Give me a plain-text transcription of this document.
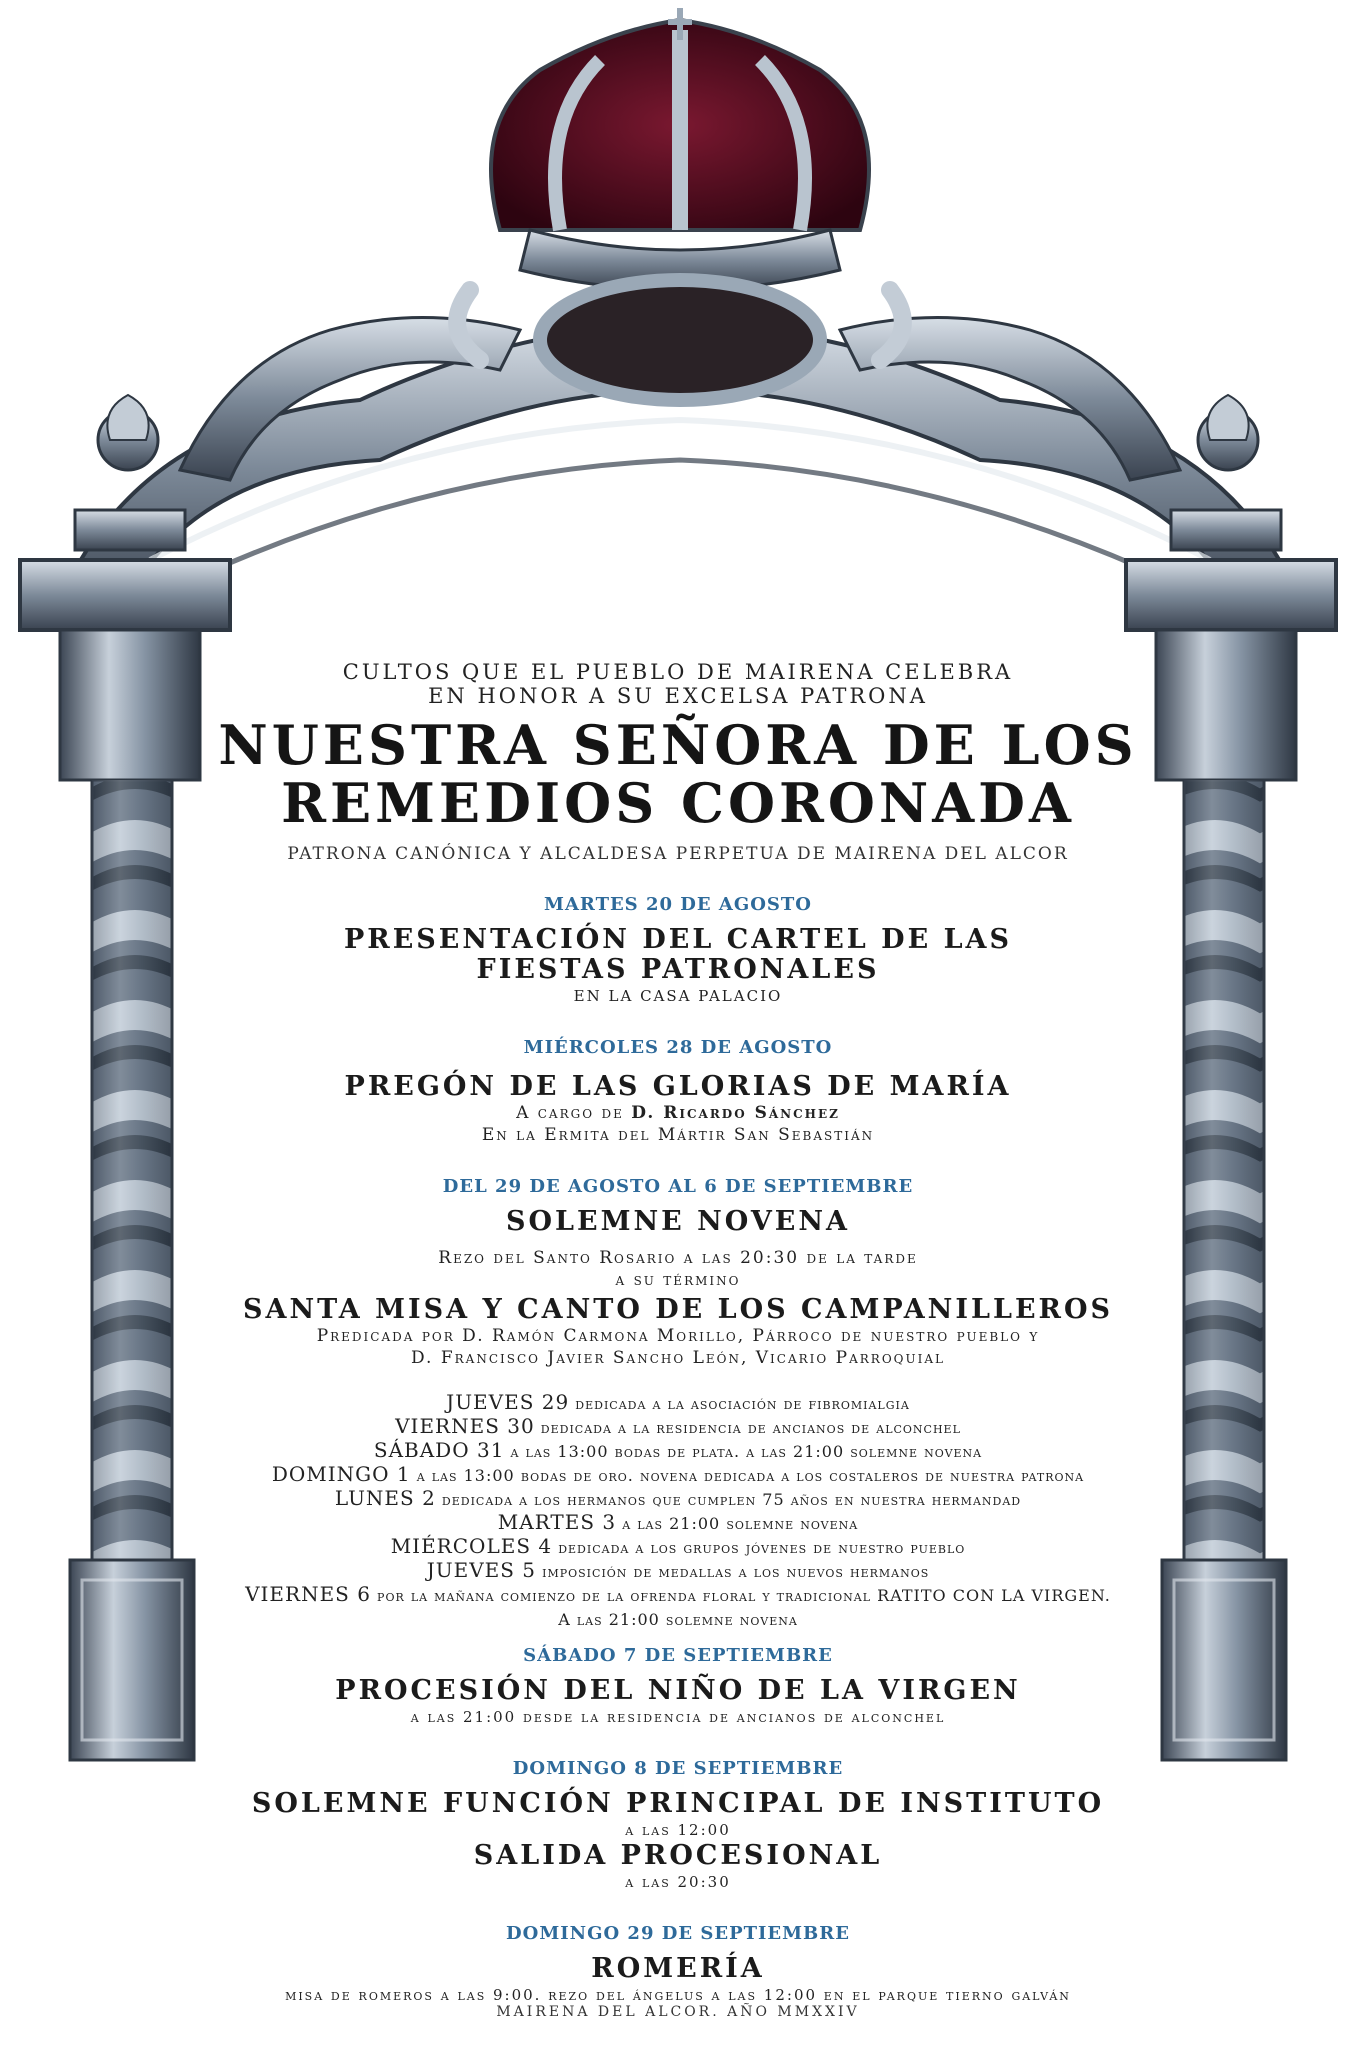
CULTOS QUE EL PUEBLO DE MAIRENA CELEBRA
EN HONOR A SU EXCELSA PATRONA
NUESTRA SEÑORA DE LOS
REMEDIOS CORONADA
PATRONA CANÓNICA Y ALCALDESA PERPETUA DE MAIRENA DEL ALCOR
MARTES 20 DE AGOSTO
PRESENTACIÓN DEL CARTEL DE LAS
FIESTAS PATRONALES
EN LA CASA PALACIO
MIÉRCOLES 28 DE AGOSTO
PREGÓN DE LAS GLORIAS DE MARÍA
A cargo de D. Ricardo Sánchez
En la Ermita del Mártir San Sebastián
DEL 29 DE AGOSTO AL 6 DE SEPTIEMBRE
SOLEMNE NOVENA
Rezo del Santo Rosario a las 20:30 de la tarde
a su término
SANTA MISA Y CANTO DE LOS CAMPANILLEROS
Predicada por D. Ramón Carmona Morillo, Párroco de nuestro pueblo y
D. Francisco Javier Sancho León, Vicario Parroquial
JUEVES 29 dedicada a la asociación de fibromialgia
VIERNES 30 dedicada a la residencia de ancianos de alconchel
SÁBADO 31 a las 13:00 bodas de plata. a las 21:00 solemne novena
DOMINGO 1 a las 13:00 bodas de oro. novena dedicada a los costaleros de nuestra patrona
LUNES 2 dedicada a los hermanos que cumplen 75 años en nuestra hermandad
MARTES 3 a las 21:00 solemne novena
MIÉRCOLES 4 dedicada a los grupos jóvenes de nuestro pueblo
JUEVES 5 imposición de medallas a los nuevos hermanos
VIERNES 6 por la mañana comienzo de la ofrenda floral y tradicional RATITO CON LA VIRGEN.
A las 21:00 solemne novena
SÁBADO 7 DE SEPTIEMBRE
PROCESIÓN DEL NIÑO DE LA VIRGEN
a las 21:00 desde la residencia de ancianos de alconchel
DOMINGO 8 DE SEPTIEMBRE
SOLEMNE FUNCIÓN PRINCIPAL DE INSTITUTO
a las 12:00
SALIDA PROCESIONAL
a las 20:30
DOMINGO 29 DE SEPTIEMBRE
ROMERÍA
misa de romeros a las 9:00. rezo del ángelus a las 12:00 en el parque tierno galván
MAIRENA DEL ALCOR. AÑO MMXXIV
